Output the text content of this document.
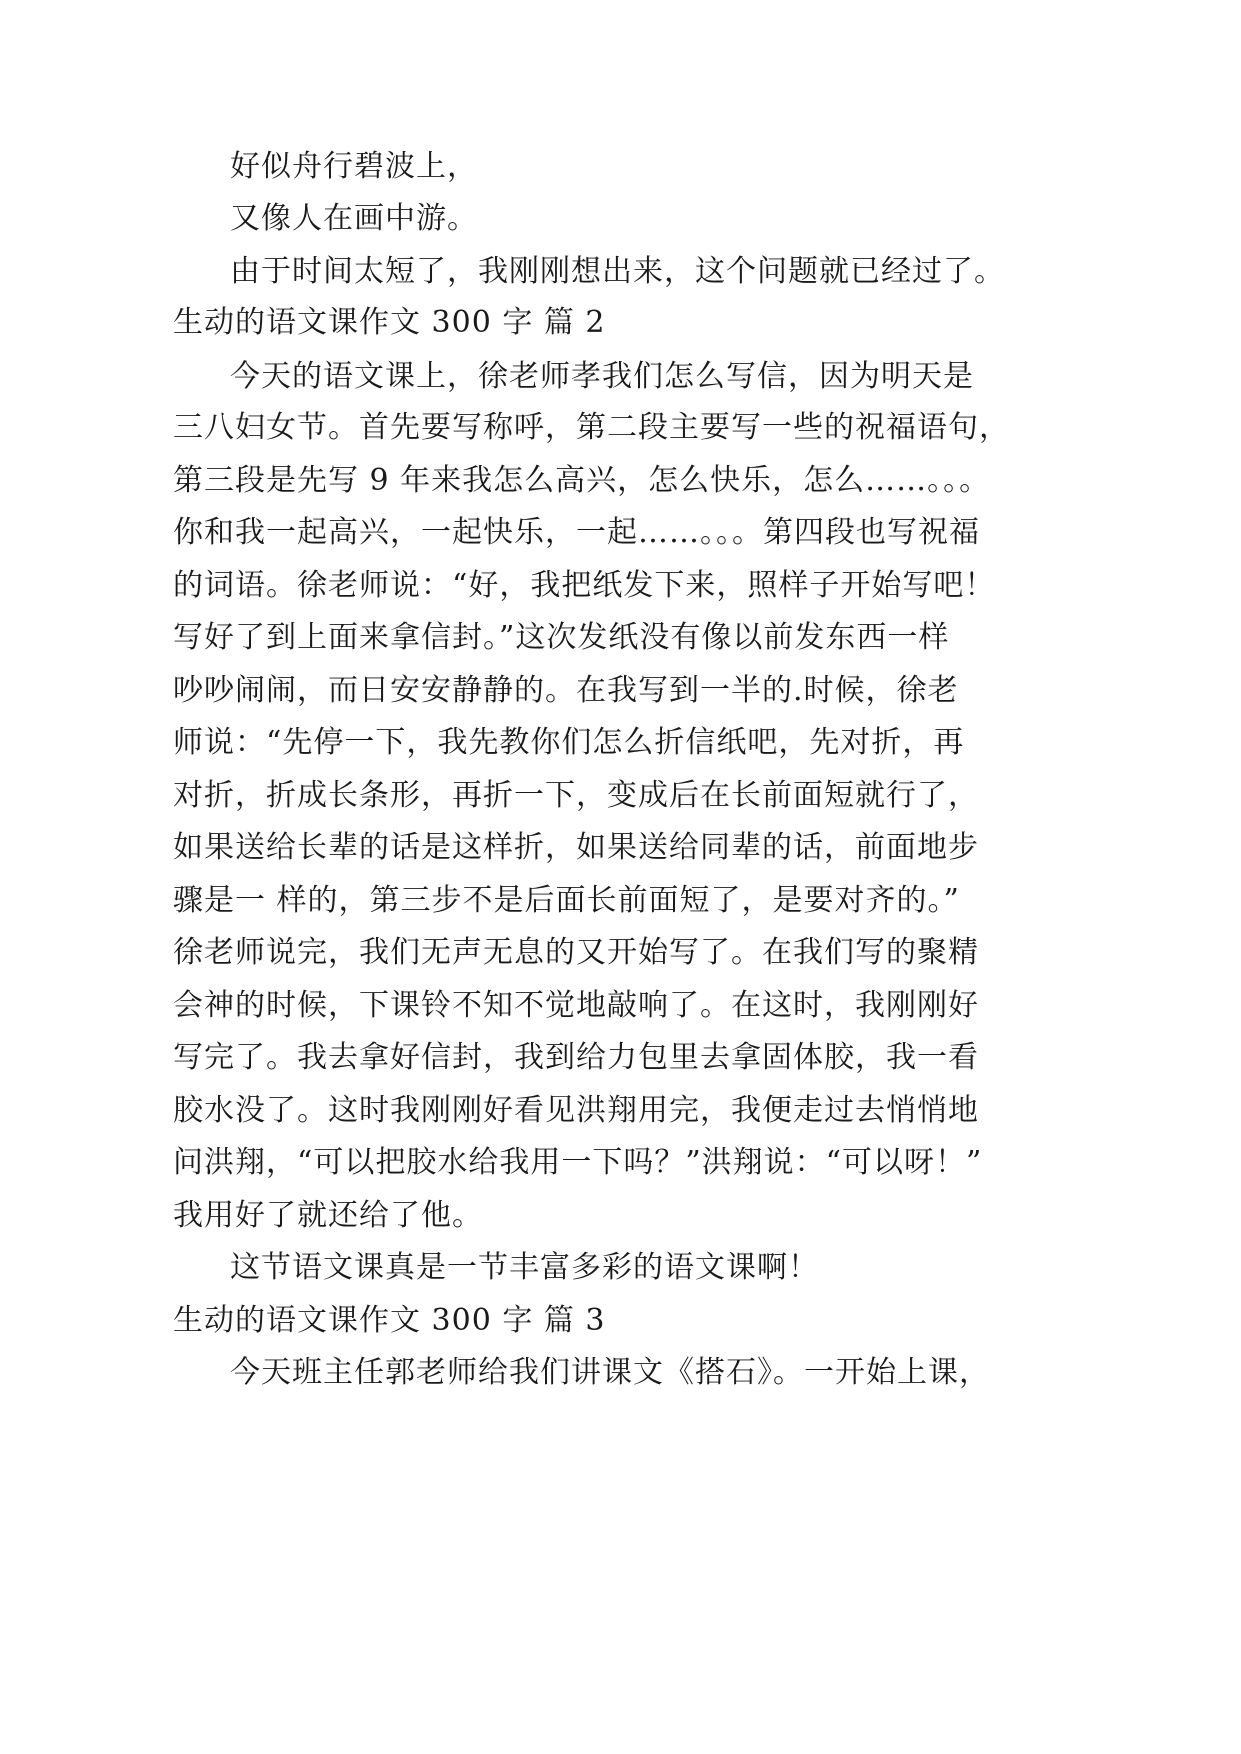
好似舟行碧波上，
又像人在画中游。
由于时间太短了，我刚刚想出来，这个问题就已经过了。
生动的语文课作文 300 字 篇 2
今天的语文课上，徐老师孝我们怎么写信，因为明天是
三八妇女节。首先要写称呼，第二段主要写一些的祝福语句，
第三段是先写 9 年来我怎么高兴，怎么快乐，怎么……。。。
你和我一起高兴，一起快乐，一起……。。。第四段也写祝福
的词语。徐老师说：“好，我把纸发下来，照样子开始写吧！
写好了到上面来拿信封。”这次发纸没有像以前发东西一样
吵吵闹闹，而日安安静静的。在我写到一半的.时候，徐老
师说：“先停一下，我先教你们怎么折信纸吧，先对折，再
对折，折成长条形，再折一下，变成后在长前面短就行了，
如果送给长辈的话是这样折，如果送给同辈的话，前面地步
骤是一 样的，第三步不是后面长前面短了，是要对齐的。”
徐老师说完，我们无声无息的又开始写了。在我们写的聚精
会神的时候，下课铃不知不觉地敲响了。在这时，我刚刚好
写完了。我去拿好信封，我到给力包里去拿固体胶，我一看
胶水没了。这时我刚刚好看见洪翔用完，我便走过去悄悄地
问洪翔，“可以把胶水给我用一下吗？”洪翔说：“可以呀！”
我用好了就还给了他。
这节语文课真是一节丰富多彩的语文课啊！
生动的语文课作文 300 字 篇 3
今天班主任郭老师给我们讲课文《搭石》。一开始上课，
